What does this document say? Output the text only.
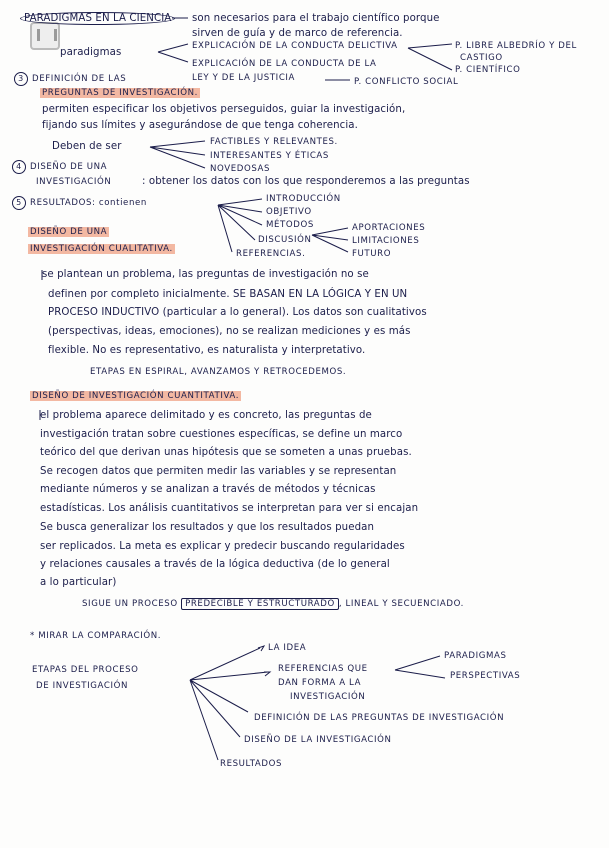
PARADIGMAS EN LA CIENCIA	son necesarios para el trabajo científico porque
sirven de guía y de marco de referencia.
paradigmas
EXPLICACIÓN DE LA CONDUCTA DELICTIVA	P. LIBRE ALBEDRÍO Y DEL
CASTIGO
EXPLICACIÓN DE LA CONDUCTA DE LA
P. CIENTÍFICO
LEY Y DE LA JUSTICIA	P. CONFLICTO SOCIAL
3 DEFINICIÓN DE LAS
PREGUNTAS DE INVESTIGACIÓN.
permiten especificar los objetivos perseguidos, guiar la investigación,
fijando sus límites y asegurándose de que tenga coherencia.
Deben de ser	FACTIBLES Y RELEVANTES.
INTERESANTES Y ÉTICAS
NOVEDOSAS
4 DISEÑO DE UNA
INVESTIGACIÓN	: obtener los datos con los que responderemos a las preguntas
5 RESULTADOS: contienen	INTRODUCCIÓN
OBJETIVO
MÉTODOS
DISCUSIÓN
REFERENCIAS.
APORTACIONES
LIMITACIONES
FUTURO
DISEÑO DE UNA
INVESTIGACIÓN CUALITATIVA.
se plantean un problema, las preguntas de investigación no se
definen por completo inicialmente. SE BASAN EN LA LÓGICA Y EN UN
PROCESO INDUCTIVO (particular a lo general). Los datos son cualitativos
(perspectivas, ideas, emociones), no se realizan mediciones y es más
flexible. No es representativo, es naturalista y interpretativo.
ETAPAS EN ESPIRAL, AVANZAMOS Y RETROCEDEMOS.
DISEÑO DE INVESTIGACIÓN CUANTITATIVA.
el problema aparece delimitado y es concreto, las preguntas de
investigación tratan sobre cuestiones específicas, se define un marco
teórico del que derivan unas hipótesis que se someten a unas pruebas.
Se recogen datos que permiten medir las variables y se representan
mediante números y se analizan a través de métodos y técnicas
estadísticas. Los análisis cuantitativos se interpretan para ver si encajan
Se busca generalizar los resultados y que los resultados puedan
ser replicados. La meta es explicar y predecir buscando regularidades
y relaciones causales a través de la lógica deductiva (de lo general
a lo particular)
SIGUE UN PROCESO PREDECIBLE Y ESTRUCTURADO , LINEAL Y SECUENCIADO.
* MIRAR LA COMPARACIÓN.
ETAPAS DEL PROCESO
DE INVESTIGACIÓN
LA IDEA
REFERENCIAS QUE
DAN FORMA A LA
INVESTIGACIÓN
PARADIGMAS
PERSPECTIVAS
DEFINICIÓN DE LAS PREGUNTAS DE INVESTIGACIÓN
DISEÑO DE LA INVESTIGACIÓN
RESULTADOS
